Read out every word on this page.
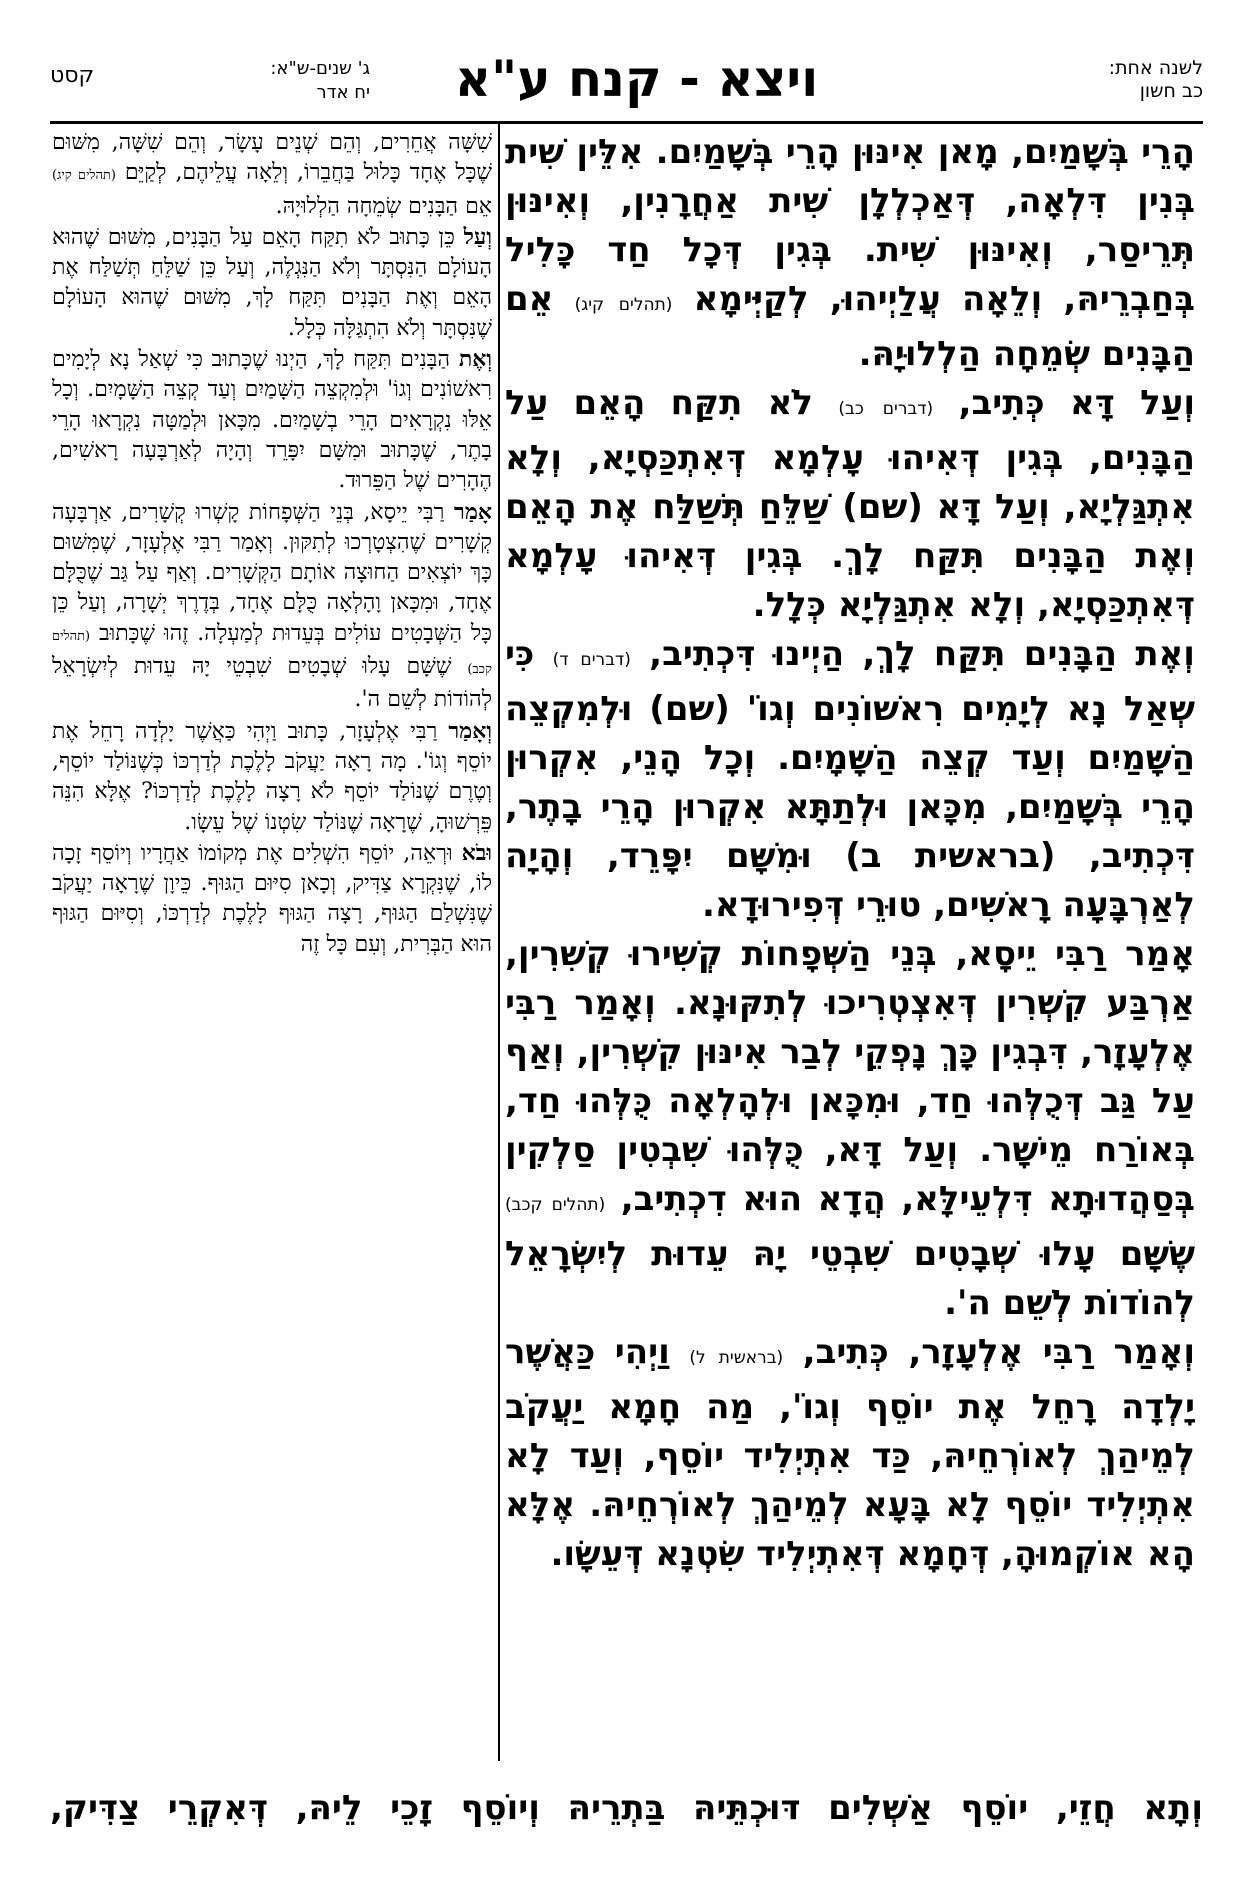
לשנה אחת:
כב חשון
ויצא - קנח ע"א
ג' שנים-ש"א:
יח אדר
קסט

הָרֵי בְּשָׁמַיִם, מָאן אִינּוּן הָרֵי בְּשָׁמַיִם. אִלֵּין שִׁית בְּנִין דִּלְאָה, דְּאַכְלְלָן שִׁית אַחֲרָנִין, וְאִינּוּן תְּרֵיסַר, וְאִינּוּן שִׁית. בְּגִין דְּכָל חַד כָּלִיל בְּחַבְרֵיהּ, וְלֵאָה עֲלַיְיהוּ, לְקַיְּימָא (תהלים קיג) אֵם הַבָּנִים שְׂמֵחָה הַלְלוּיָהּ.

וְעַל דָּא כְּתִיב, (דברים כב) לֹא תִקַּח הָאֵם עַל הַבָּנִים, בְּגִין דְּאִיהוּ עָלְמָא דְּאִתְכַּסְיָא, וְלָא אִתְגַּלְיָא, וְעַל דָּא (שם) שַׁלֵּחַ תְּשַׁלַּח אֶת הָאֵם וְאֶת הַבָּנִים תִּקַּח לָךְ. בְּגִין דְּאִיהוּ עָלְמָא דְּאִתְכַּסְיָא, וְלָא אִתְגַּלְיָא כְּלָל.

וְאֶת הַבָּנִים תִּקַּח לָךְ, הַיְינוּ דִּכְתִיב, (דברים ד) כִּי שְׁאַל נָא לְיָמִים רִאשׁוֹנִים וְגוֹ' (שם) וּלְמִקְצֵה הַשָּׁמַיִם וְעַד קְצֵה הַשָּׁמָיִם. וְכָל הָנֵי, אִקְרוּן הָרֵי בְּשָׁמַיִם, מִכָּאן וּלְתַתָּא אִקְרוּן הָרֵי בָתֶר, דִּכְתִיב, (בראשית ב) וּמִשָּׁם יִפָּרֵד, וְהָיָה לְאַרְבָּעָה רָאשִׁים, טוּרֵי דְּפִירוּדָא.

אָמַר רַבִּי יֵיסָא, בְּנֵי הַשְּׁפָחוֹת קְשִׁירוּ קְשִׁרִין, אַרְבַּע קִשְׁרִין דְּאִצְטְרִיכוּ לְתִקּוּנָא. וְאָמַר רַבִּי אֶלְעָזָר, דִּבְגִין כָּךְ נָפְקֵי לְבַר אִינּוּן קִשְׁרִין, וְאַף עַל גַּב דְּכֻלְּהוּ חַד, וּמִכָּאן וּלְהָלְאָה כֻּלְּהוּ חַד, בְּאוֹרַח מֵישָׁר. וְעַל דָּא, כֻּלְּהוּ שִׁבְטִין סַלְקִין בְּסַהֲדוּתָא דִּלְעֵילָּא, הֲדָא הוּא דִכְתִיב, (תהלים קכב) שֶׁשָּׁם עָלוּ שְׁבָטִים שִׁבְטֵי יָהּ עֵדוּת לְיִשְׂרָאֵל לְהוֹדוֹת לְשֵׁם ה'.

וְאָמַר רַבִּי אֶלְעָזָר, כְּתִיב, (בראשית ל) וַיְהִי כַּאֲשֶׁר יָלְדָה רָחֵל אֶת יוֹסֵף וְגוֹ', מַה חָמָא יַעֲקֹב לְמֵיהַךְ לְאוֹרְחֵיהּ, כַּד אִתְיְלִיד יוֹסֵף, וְעַד לָא אִתְיְלִיד יוֹסֵף לָא בָּעָא לְמֵיהַךְ לְאוֹרְחֵיהּ. אֶלָּא הָא אוֹקְמוּהָ, דְּחָמָא דְּאִתְיְלִיד שִׂטְנָא דְּעֵשָׂו.

שִׁשָּׁה אֲחֵרִים, וְהֵם שְׁנֵים עָשָׂר, וְהֵם שִׁשָּׁה, מִשּׁוּם שֶׁכָּל אֶחָד כָּלוּל בַּחֲבֵרוֹ, וְלֵאָה עֲלֵיהֶם, לְקַיֵּם (תהלים קיג) אֵם הַבָּנִים שְׂמֵחָה הַלְלוּיָהּ.

וְעַל כֵּן כָּתוּב לֹא תִקַּח הָאֵם עַל הַבָּנִים, מִשּׁוּם שֶׁהוּא הָעוֹלָם הַנִּסְתָּר וְלֹא הַנִּגְלֶה, וְעַל כֵּן שַׁלֵּחַ תְּשַׁלַּח אֶת הָאֵם וְאֶת הַבָּנִים תִּקַּח לָךְ, מִשּׁוּם שֶׁהוּא הָעוֹלָם שֶׁנִּסְתָּר וְלֹא הִתְגַּלָּה כְּלָל.

וְאֶת הַבָּנִים תִּקַּח לָךְ, הַיְנוּ שֶׁכָּתוּב כִּי שְׁאַל נָא לְיָמִים רִאשׁוֹנִים וְגוֹ' וּלְמִקְצֵה הַשָּׁמַיִם וְעַד קְצֵה הַשָּׁמָיִם. וְכָל אֵלּוּ נִקְרָאִים הָרֵי בְשָׁמַיִם. מִכָּאן וּלְמַטָּה נִקְרָאוּ הָרֵי בָתֶר, שֶׁכָּתוּב וּמִשָּׁם יִפָּרֵד וְהָיָה לְאַרְבָּעָה רָאשִׁים, הֶהָרִים שֶׁל הַפֵּרוּד.

אָמַר רַבִּי יֵיסָא, בְּנֵי הַשְּׁפָחוֹת קָשְׁרוּ קְשָׁרִים, אַרְבָּעָה קְשָׁרִים שֶׁהִצְטָרְכוּ לְתִקּוּן. וְאָמַר רַבִּי אֶלְעָזָר, שֶׁמִּשּׁוּם כָּךְ יוֹצְאִים הַחוּצָה אוֹתָם הַקְּשָׁרִים. וְאַף עַל גַּב שֶׁכֻּלָּם אֶחָד, וּמִכָּאן וָהָלְאָה כֻּלָּם אֶחָד, בְּדֶרֶךְ יְשָׁרָה, וְעַל כֵּן כָּל הַשְּׁבָטִים עוֹלִים בְּעֵדוּת לְמַעְלָה. זֶהוּ שֶׁכָּתוּב (תהלים קכב) שֶׁשָּׁם עָלוּ שְׁבָטִים שִׁבְטֵי יָהּ עֵדוּת לְיִשְׂרָאֵל לְהוֹדוֹת לְשֵׁם ה'.

וְאָמַר רַבִּי אֶלְעָזָר, כָּתוּב וַיְהִי כַּאֲשֶׁר יָלְדָה רָחֵל אֶת יוֹסֵף וְגוֹ'. מָה רָאָה יַעֲקֹב לָלֶכֶת לְדַרְכּוֹ כְּשֶׁנּוֹלַד יוֹסֵף, וְטֶרֶם שֶׁנּוֹלַד יוֹסֵף לֹא רָצָה לָלֶכֶת לְדַרְכּוֹ? אֶלָּא הִנֵּה פֵּרְשׁוּהָ, שֶׁרָאָה שֶׁנּוֹלַד שִׂטְנוֹ שֶׁל עֵשָׂו.

וּבֹא וּרְאֵה, יוֹסֵף הִשְׁלִים אֶת מְקוֹמוֹ אַחֲרָיו וְיוֹסֵף זָכָה לוֹ, שֶׁנִּקְרָא צַדִּיק, וְכָאן סִיּוּם הַגּוּף. כֵּיוָן שֶׁרָאָה יַעֲקֹב שֶׁנִּשְׁלַם הַגּוּף, רָצָה הַגּוּף לָלֶכֶת לְדַרְכּוֹ, וְסִיּוּם הַגּוּף הוּא הַבְּרִית, וְעִם כָּל זֶה

וְתָא חֲזֵי, יוֹסֵף אַשְׁלִים דּוּכְתֵּיהּ בַּתְרֵיהּ וְיוֹסֵף זָכֵי לֵיהּ, דְּאִקְרֵי צַדִּיק,
